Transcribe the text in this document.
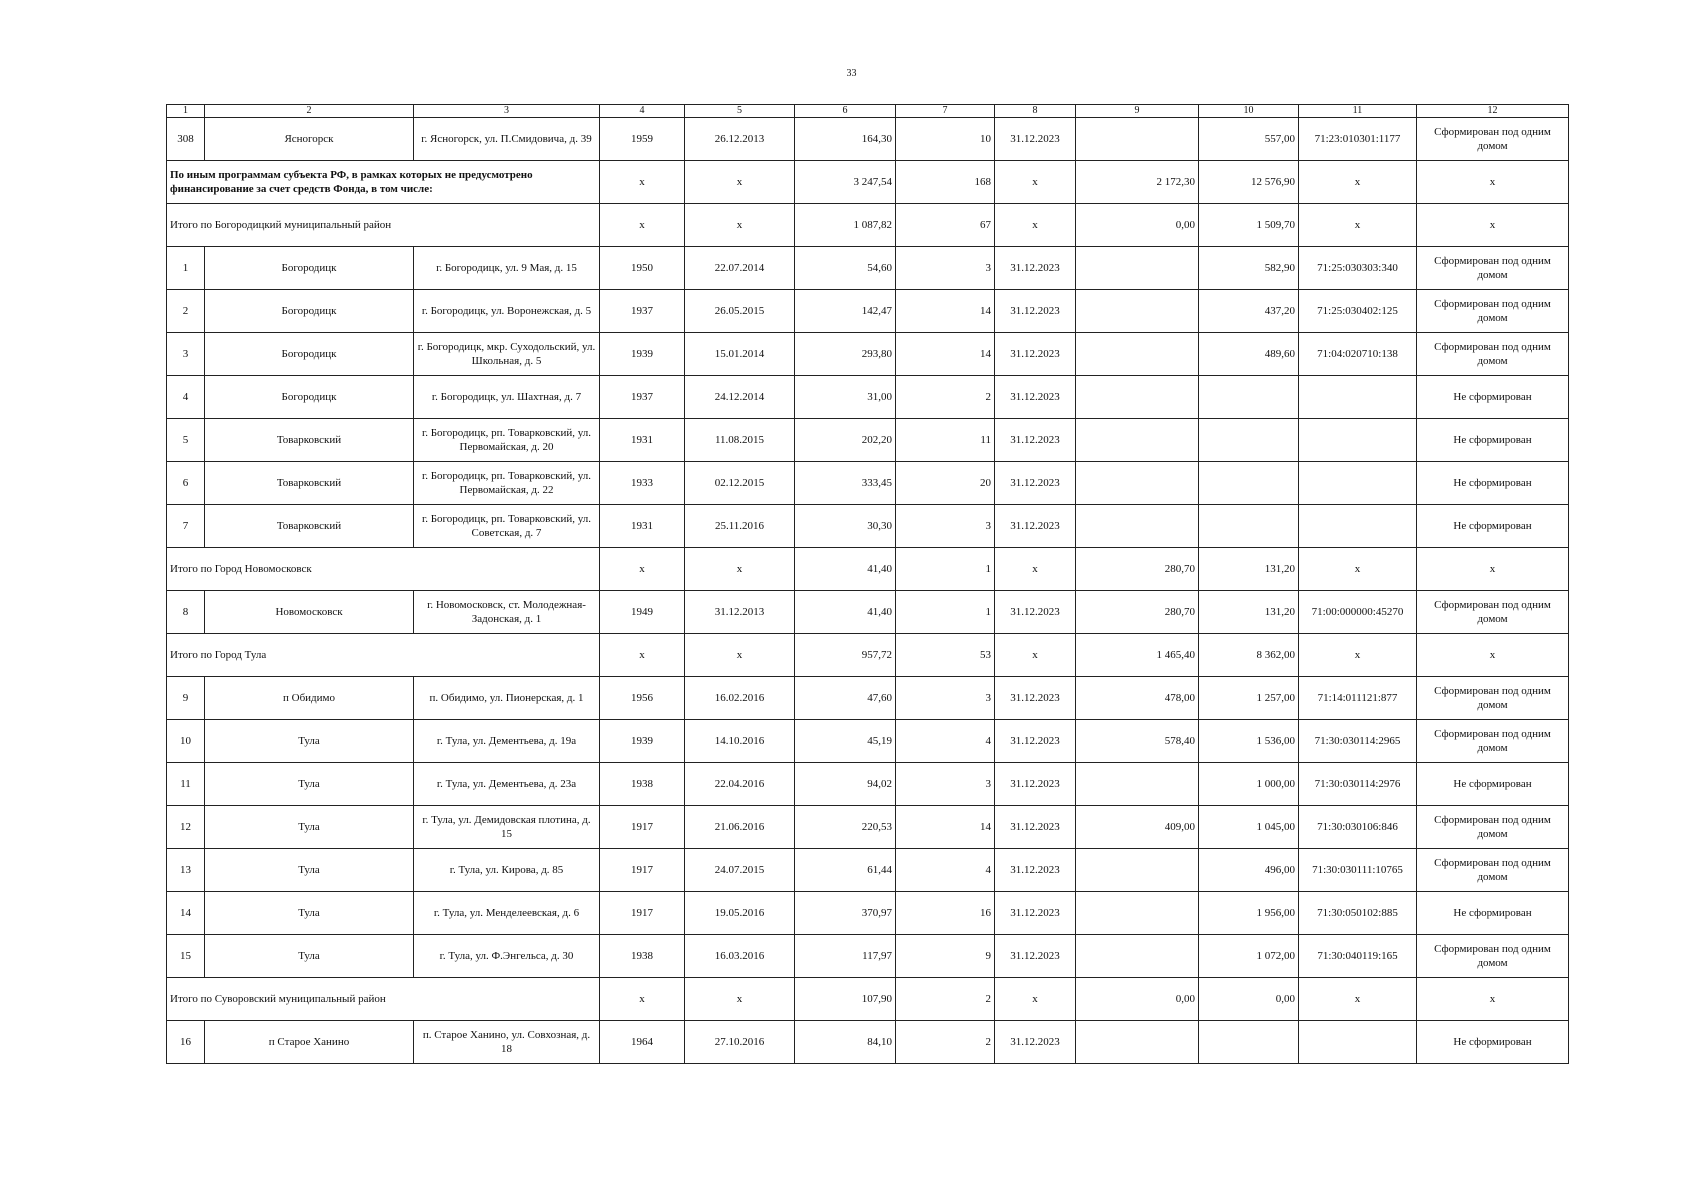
33
1	2	3	4	5	6	7	8	9	10	11	12
308	Ясногорск	г. Ясногорск, ул. П.Смидовича, д. 39	1959	26.12.2013	164,30	10	31.12.2023		557,00	71:23:010301:1177	Сформирован под одним домом
По иным программам субъекта РФ, в рамках которых не предусмотрено финансирование за счет средств Фонда, в том числе:			x	x	3 247,54	168	x	2 172,30	12 576,90	x	x
Итого по Богородицкий муниципальный район			x	x	1 087,82	67	x	0,00	1 509,70	x	x
1	Богородицк	г. Богородицк, ул. 9 Мая, д. 15	1950	22.07.2014	54,60	3	31.12.2023		582,90	71:25:030303:340	Сформирован под одним домом
2	Богородицк	г. Богородицк, ул. Воронежская, д. 5	1937	26.05.2015	142,47	14	31.12.2023		437,20	71:25:030402:125	Сформирован под одним домом
3	Богородицк	г. Богородицк, мкр. Суходольский, ул. Школьная, д. 5	1939	15.01.2014	293,80	14	31.12.2023		489,60	71:04:020710:138	Сформирован под одним домом
4	Богородицк	г. Богородицк, ул. Шахтная, д. 7	1937	24.12.2014	31,00	2	31.12.2023				Не сформирован
5	Товарковский	г. Богородицк, рп. Товарковский, ул. Первомайская, д. 20	1931	11.08.2015	202,20	11	31.12.2023				Не сформирован
6	Товарковский	г. Богородицк, рп. Товарковский, ул. Первомайская, д. 22	1933	02.12.2015	333,45	20	31.12.2023				Не сформирован
7	Товарковский	г. Богородицк, рп. Товарковский, ул. Советская, д. 7	1931	25.11.2016	30,30	3	31.12.2023				Не сформирован
Итого по Город Новомосковск			x	x	41,40	1	x	280,70	131,20	x	x
8	Новомосковск	г. Новомосковск, ст. Молодежная-Задонская, д. 1	1949	31.12.2013	41,40	1	31.12.2023	280,70	131,20	71:00:000000:45270	Сформирован под одним домом
Итого по Город Тула			x	x	957,72	53	x	1 465,40	8 362,00	x	x
9	п Обидимо	п. Обидимо, ул. Пионерская, д. 1	1956	16.02.2016	47,60	3	31.12.2023	478,00	1 257,00	71:14:011121:877	Сформирован под одним домом
10	Тула	г. Тула, ул. Дементьева, д. 19а	1939	14.10.2016	45,19	4	31.12.2023	578,40	1 536,00	71:30:030114:2965	Сформирован под одним домом
11	Тула	г. Тула, ул. Дементьева, д. 23а	1938	22.04.2016	94,02	3	31.12.2023		1 000,00	71:30:030114:2976	Не сформирован
12	Тула	г. Тула, ул. Демидовская плотина, д. 15	1917	21.06.2016	220,53	14	31.12.2023	409,00	1 045,00	71:30:030106:846	Сформирован под одним домом
13	Тула	г. Тула, ул. Кирова, д. 85	1917	24.07.2015	61,44	4	31.12.2023		496,00	71:30:030111:10765	Сформирован под одним домом
14	Тула	г. Тула, ул. Менделеевская, д. 6	1917	19.05.2016	370,97	16	31.12.2023		1 956,00	71:30:050102:885	Не сформирован
15	Тула	г. Тула, ул. Ф.Энгельса, д. 30	1938	16.03.2016	117,97	9	31.12.2023		1 072,00	71:30:040119:165	Сформирован под одним домом
Итого по Суворовский муниципальный район			x	x	107,90	2	x	0,00	0,00	x	x
16	п Старое Ханино	п. Старое Ханино, ул. Совхозная, д. 18	1964	27.10.2016	84,10	2	31.12.2023				Не сформирован
